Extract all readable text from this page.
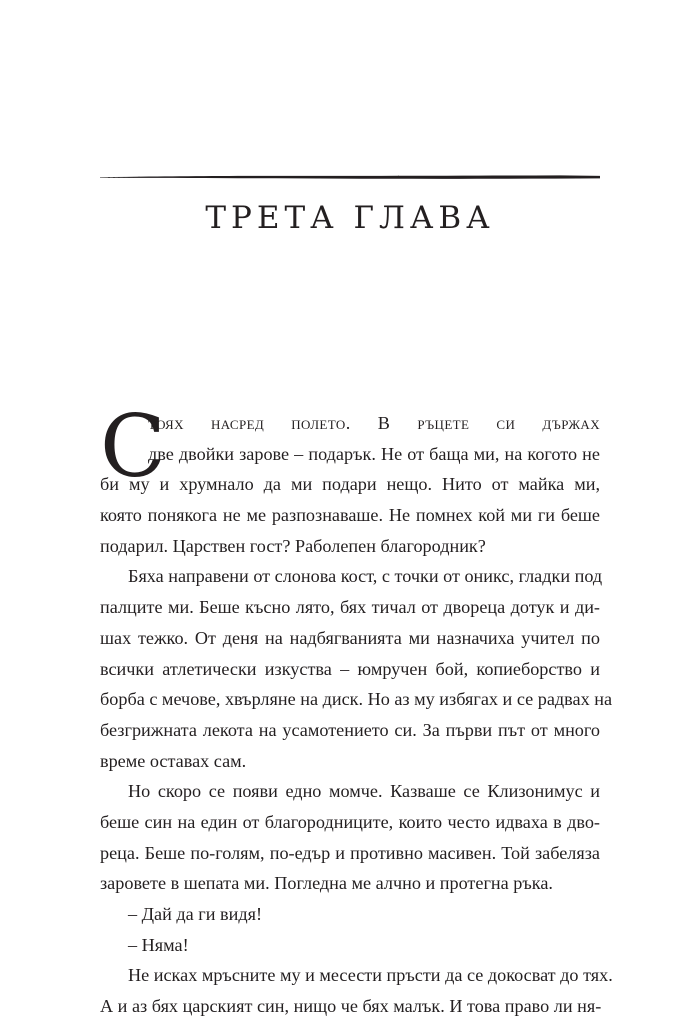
ТРЕТА ГЛАВА
С
тоях насред полето. В ръцете си държах
две двойки зарове – подарък. Не от баща ми, на когото не
би му и хрумнало да ми подари нещо. Нито от майка ми,
която понякога не ме разпознаваше. Не помнех кой ми ги беше
подарил. Царствен гост? Раболепен благородник?
Бяха направени от слонова кост, с точки от оникс, гладки под
палците ми. Беше късно лято, бях тичал от двореца дотук и ди-
шах тежко. От деня на надбягванията ми назначиха учител по
всички атлетически изкуства – юмручен бой, копиеборство и
борба с мечове, хвърляне на диск. Но аз му избягах и се радвах на
безгрижната лекота на усамотението си. За първи път от много
време оставах сам.
Но скоро се появи едно момче. Казваше се Клизонимус и
беше син на един от благородниците, които често идваха в дво-
реца. Беше по-голям, по-едър и противно масивен. Той забеляза
заровете в шепата ми. Погледна ме алчно и протегна ръка.
– Дай да ги видя!
– Няма!
Не исках мръсните му и месести пръсти да се докосват до тях.
А и аз бях царският син, нищо че бях малък. И това право ли ня-
